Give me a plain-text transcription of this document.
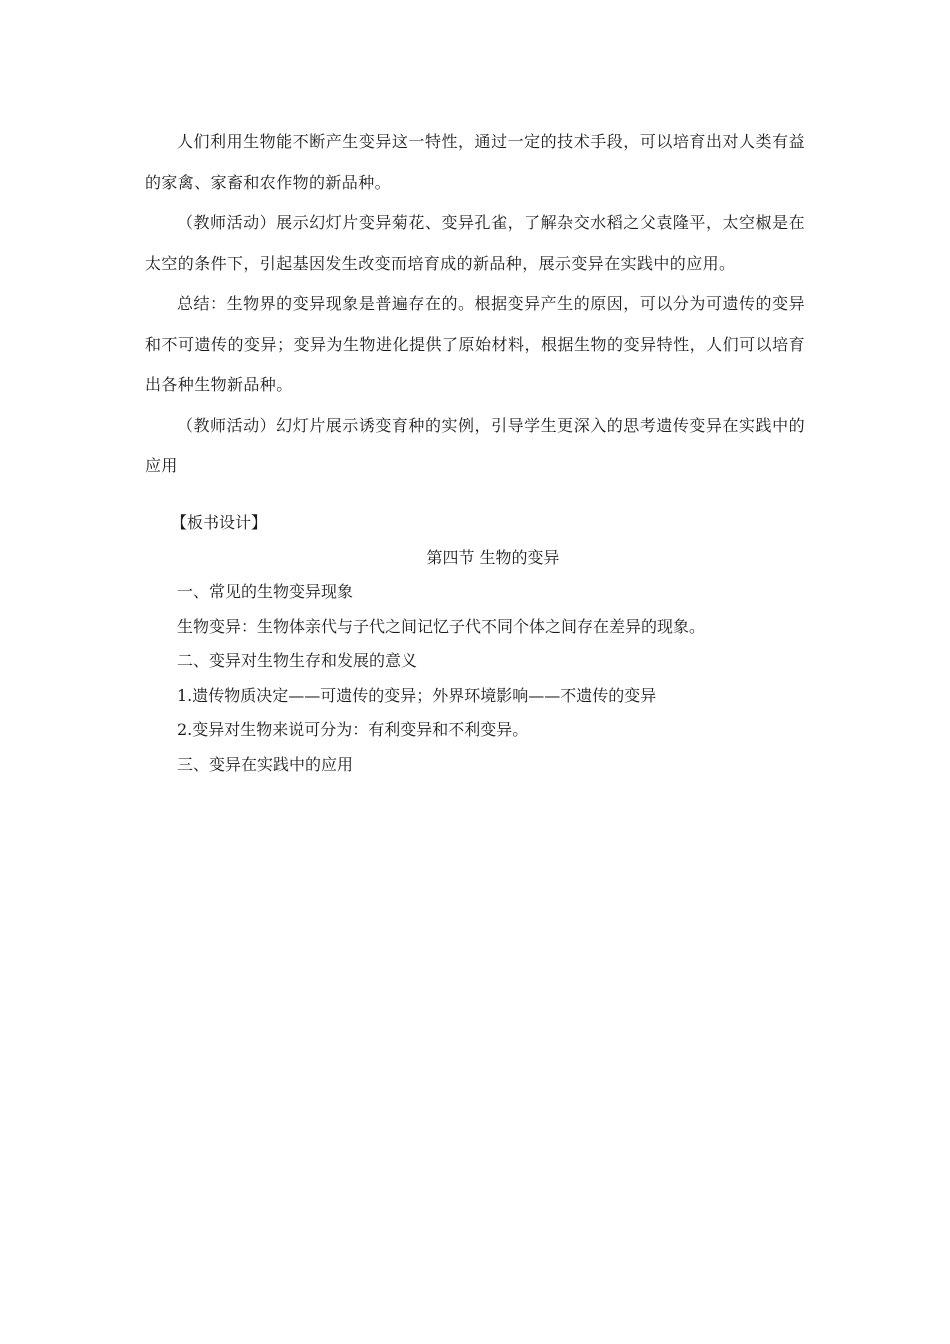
人们利用生物能不断产生变异这一特性，通过一定的技术手段，可以培育出对人类有益的家禽、家畜和农作物的新品种。

（教师活动）展示幻灯片变异菊花、变异孔雀，了解杂交水稻之父袁隆平，太空椒是在太空的条件下，引起基因发生改变而培育成的新品种，展示变异在实践中的应用。

总结：生物界的变异现象是普遍存在的。根据变异产生的原因，可以分为可遗传的变异和不可遗传的变异；变异为生物进化提供了原始材料，根据生物的变异特性，人们可以培育出各种生物新品种。

（教师活动）幻灯片展示诱变育种的实例，引导学生更深入的思考遗传变异在实践中的应用

【板书设计】

第四节 生物的变异

一、常见的生物变异现象

生物变异：生物体亲代与子代之间记忆子代不同个体之间存在差异的现象。

二、变异对生物生存和发展的意义

1.遗传物质决定——可遗传的变异；外界环境影响——不遗传的变异

2.变异对生物来说可分为：有利变异和不利变异。

三、变异在实践中的应用
